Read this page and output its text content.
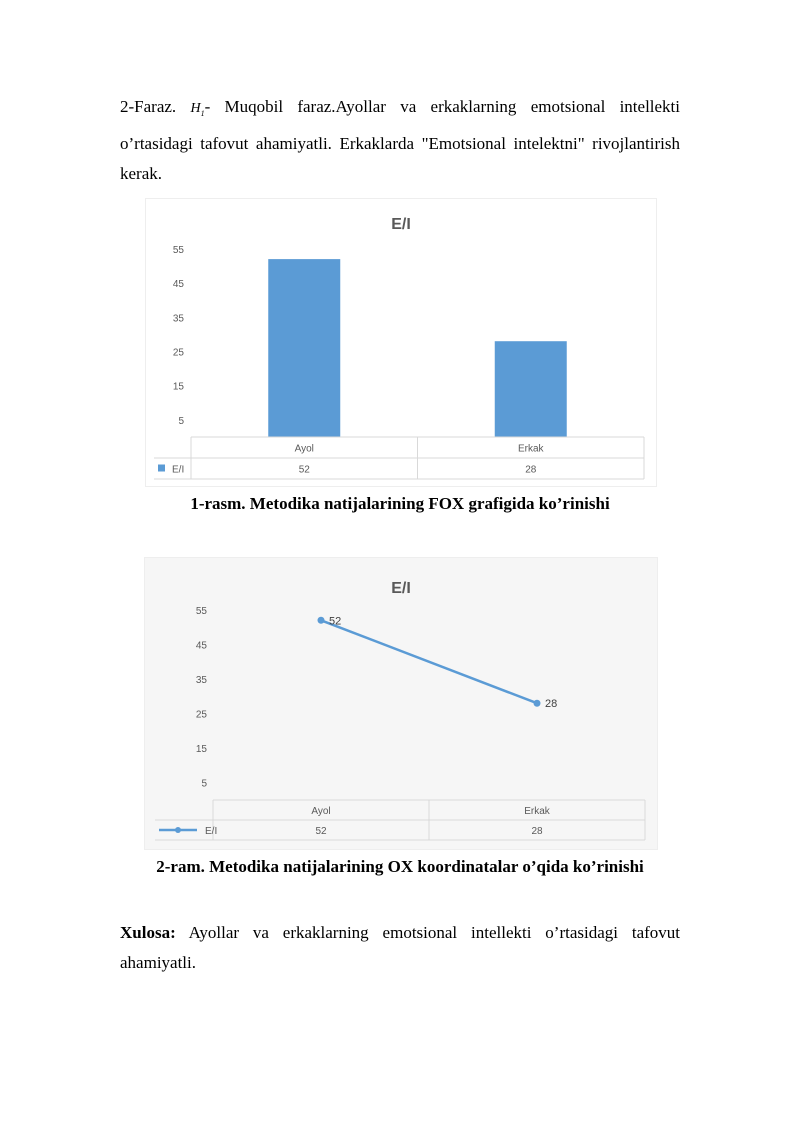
2-Faraz. $H_1-$ Muqobil faraz.Ayollar va erkaklarning emotsional intellekti o’rtasidagi tafovut ahamiyatli. Erkaklarda "Emotsional intelektni" rivojlantirish kerak.
E/I
5
15
25
35
45
55
Ayol
52
Erkak
28
E/I
1-rasm. Metodika natijalarining FOX grafigida ko’rinishi
E/I
5
15
25
35
45
55
52
28
Ayol
52
Erkak
28
E/I
2-ram. Metodika natijalarining OX koordinatalar o’qida ko’rinishi
Xulosa: Ayollar va erkaklarning emotsional intellekti o’rtasidagi tafovut ahamiyatli.
